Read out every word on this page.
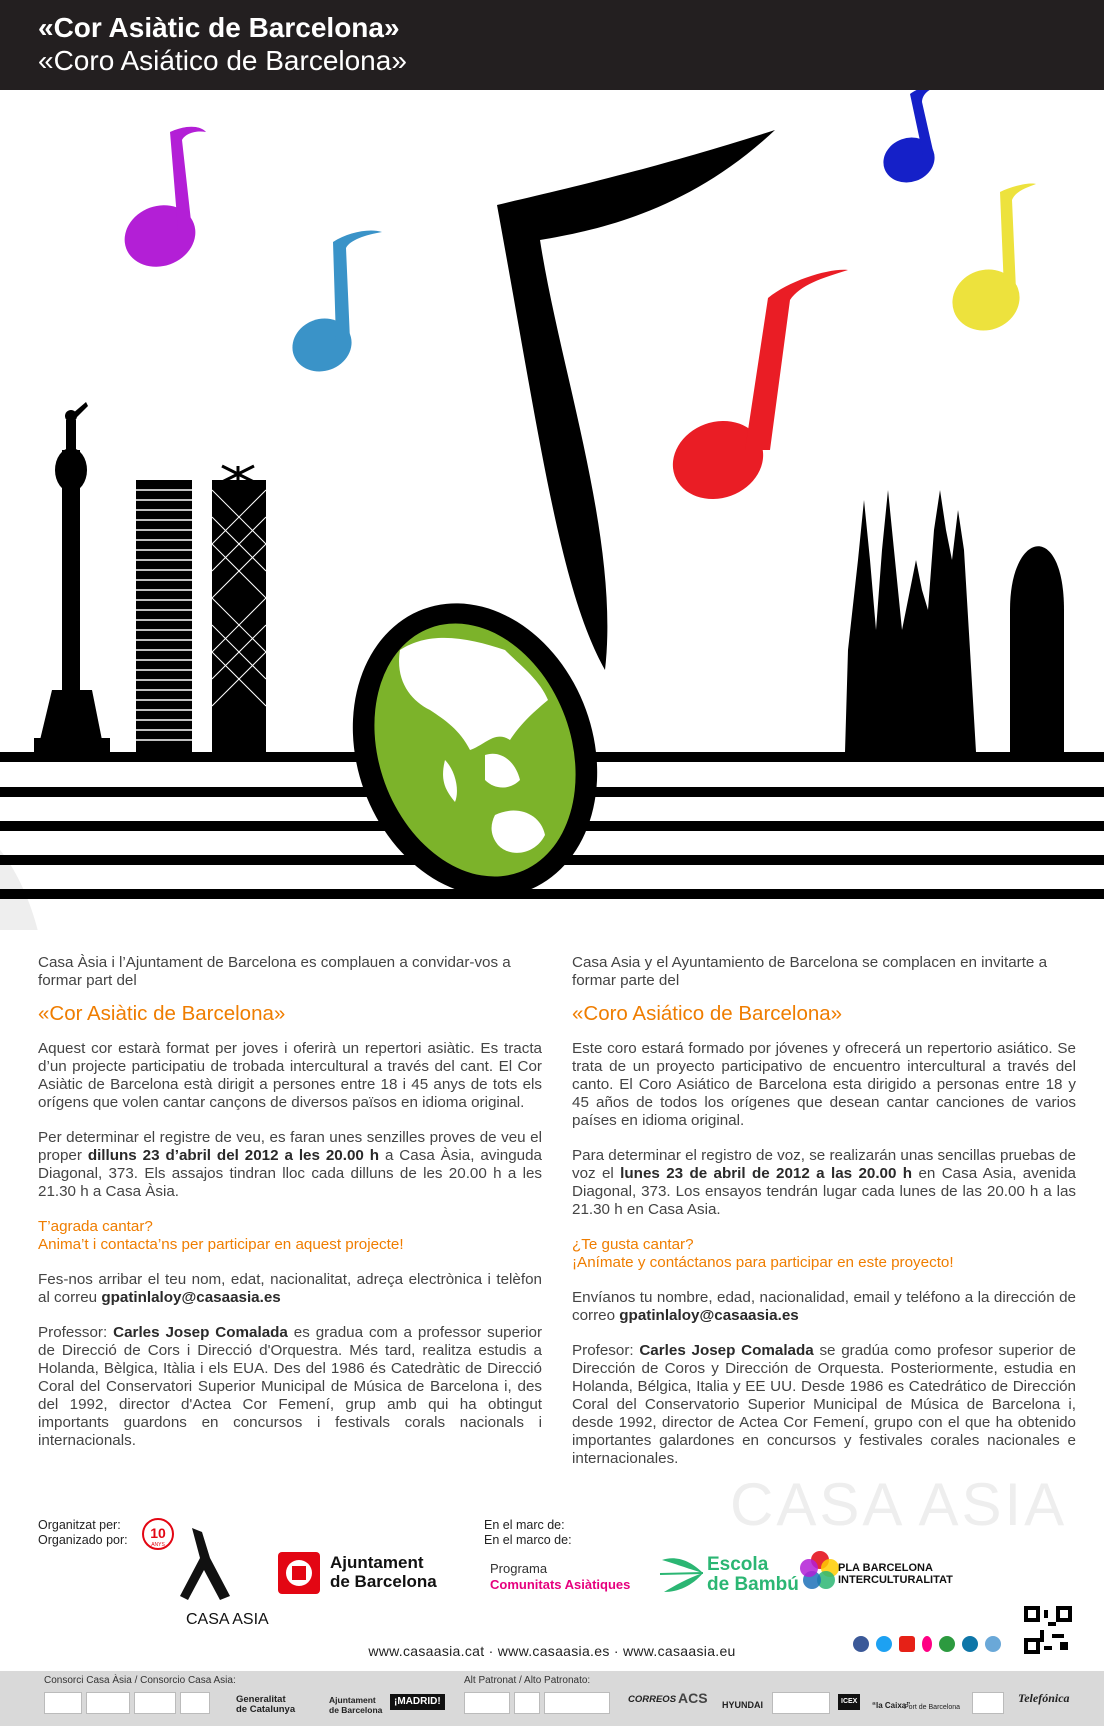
«Cor Asiàtic de Barcelona»
«Coro Asiático de Barcelona»

Casa Àsia i l’Ajuntament de Barcelona es complauen a convidar-vos a formar part del

«Cor Asiàtic de Barcelona»

Aquest cor estarà format per joves i oferirà un repertori asiàtic. Es tracta d’un projecte participatiu de trobada intercultural a través del cant. El Cor Asiàtic de Barcelona està dirigit a persones entre 18 i 45 anys de tots els orígens que volen cantar cançons de diversos països en idioma original.

Per determinar el registre de veu, es faran unes senzilles proves de veu el proper dilluns 23 d’abril del 2012 a les 20.00 h a Casa Àsia, avinguda Diagonal, 373. Els assajos tindran lloc cada dilluns de les 20.00 h a les 21.30 h a Casa Àsia.

T’agrada cantar?
Anima’t i contacta’ns per participar en aquest projecte!

Fes-nos arribar el teu nom, edat, nacionalitat, adreça electrònica i telèfon al correu gpatinlaloy@casaasia.es

Professor: Carles Josep Comalada es gradua com a professor superior de Direcció de Cors i Direcció d'Orquestra. Més tard, realitza estudis a Holanda, Bèlgica, Itàlia i els EUA. Des del 1986 és Catedràtic de Direcció Coral del Conservatori Superior Municipal de Música de Barcelona i, des del 1992, director d'Actea Cor Femení, grup amb qui ha obtingut importants guardons en concursos i festivals corals nacionals i internacionals.

Casa Asia y el Ayuntamiento de Barcelona se complacen en invitarte a formar parte del

«Coro Asiático de Barcelona»

Este coro estará formado por jóvenes y ofrecerá un repertorio asiático. Se trata de un proyecto participativo de encuentro intercultural a través del canto. El Coro Asiático de Barcelona esta dirigido a personas entre 18 y 45 años de todos los orígenes que desean cantar canciones de varios países en idioma original.

Para determinar el registro de voz, se realizarán unas sencillas pruebas de voz el lunes 23 de abril de 2012 a las 20.00 h en Casa Asia, avenida Diagonal, 373. Los ensayos tendrán lugar cada lunes de las 20.00 h a las 21.30 h en Casa Asia.

¿Te gusta cantar?
¡Anímate y contáctanos para participar en este proyecto!

Envíanos tu nombre, edad, nacionalidad, email y teléfono a la dirección de correo gpatinlaloy@casaasia.es

Profesor: Carles Josep Comalada se gradúa como profesor superior de Dirección de Coros y Dirección de Orquesta. Posteriormente, estudia en Holanda, Bélgica, Italia y EE UU. Desde 1986 es Catedrático de Dirección Coral del Conservatorio Superior Municipal de Música de Barcelona i, desde 1992, director de Actea Cor Femení, grupo con el que ha obtenido importantes galardones en concursos y festivales corales nacionales e internacionales.

CASA ASIA
Organitzat per:
Organizado por: 10
ANYS
CASA ASIA
Ajuntament
de Barcelona
En el marc de:
En el marco de:
Programa
Comunitats Asiàtiques
Escola
de Bambú
PLA BARCELONA
INTERCULTURALITAT
www.casaasia.cat · www.casaasia.es · www.casaasia.eu
Consorci Casa Àsia / Consorcio Casa Asia:	Alt Patronat / Alto Patronato:
Generalitat
de Catalunya
Ajuntament
de Barcelona
¡MADRID!	CORREOS ACS HYUNDAI	ICEX	“la Caixa”
Port de Barcelona
Telefónica
